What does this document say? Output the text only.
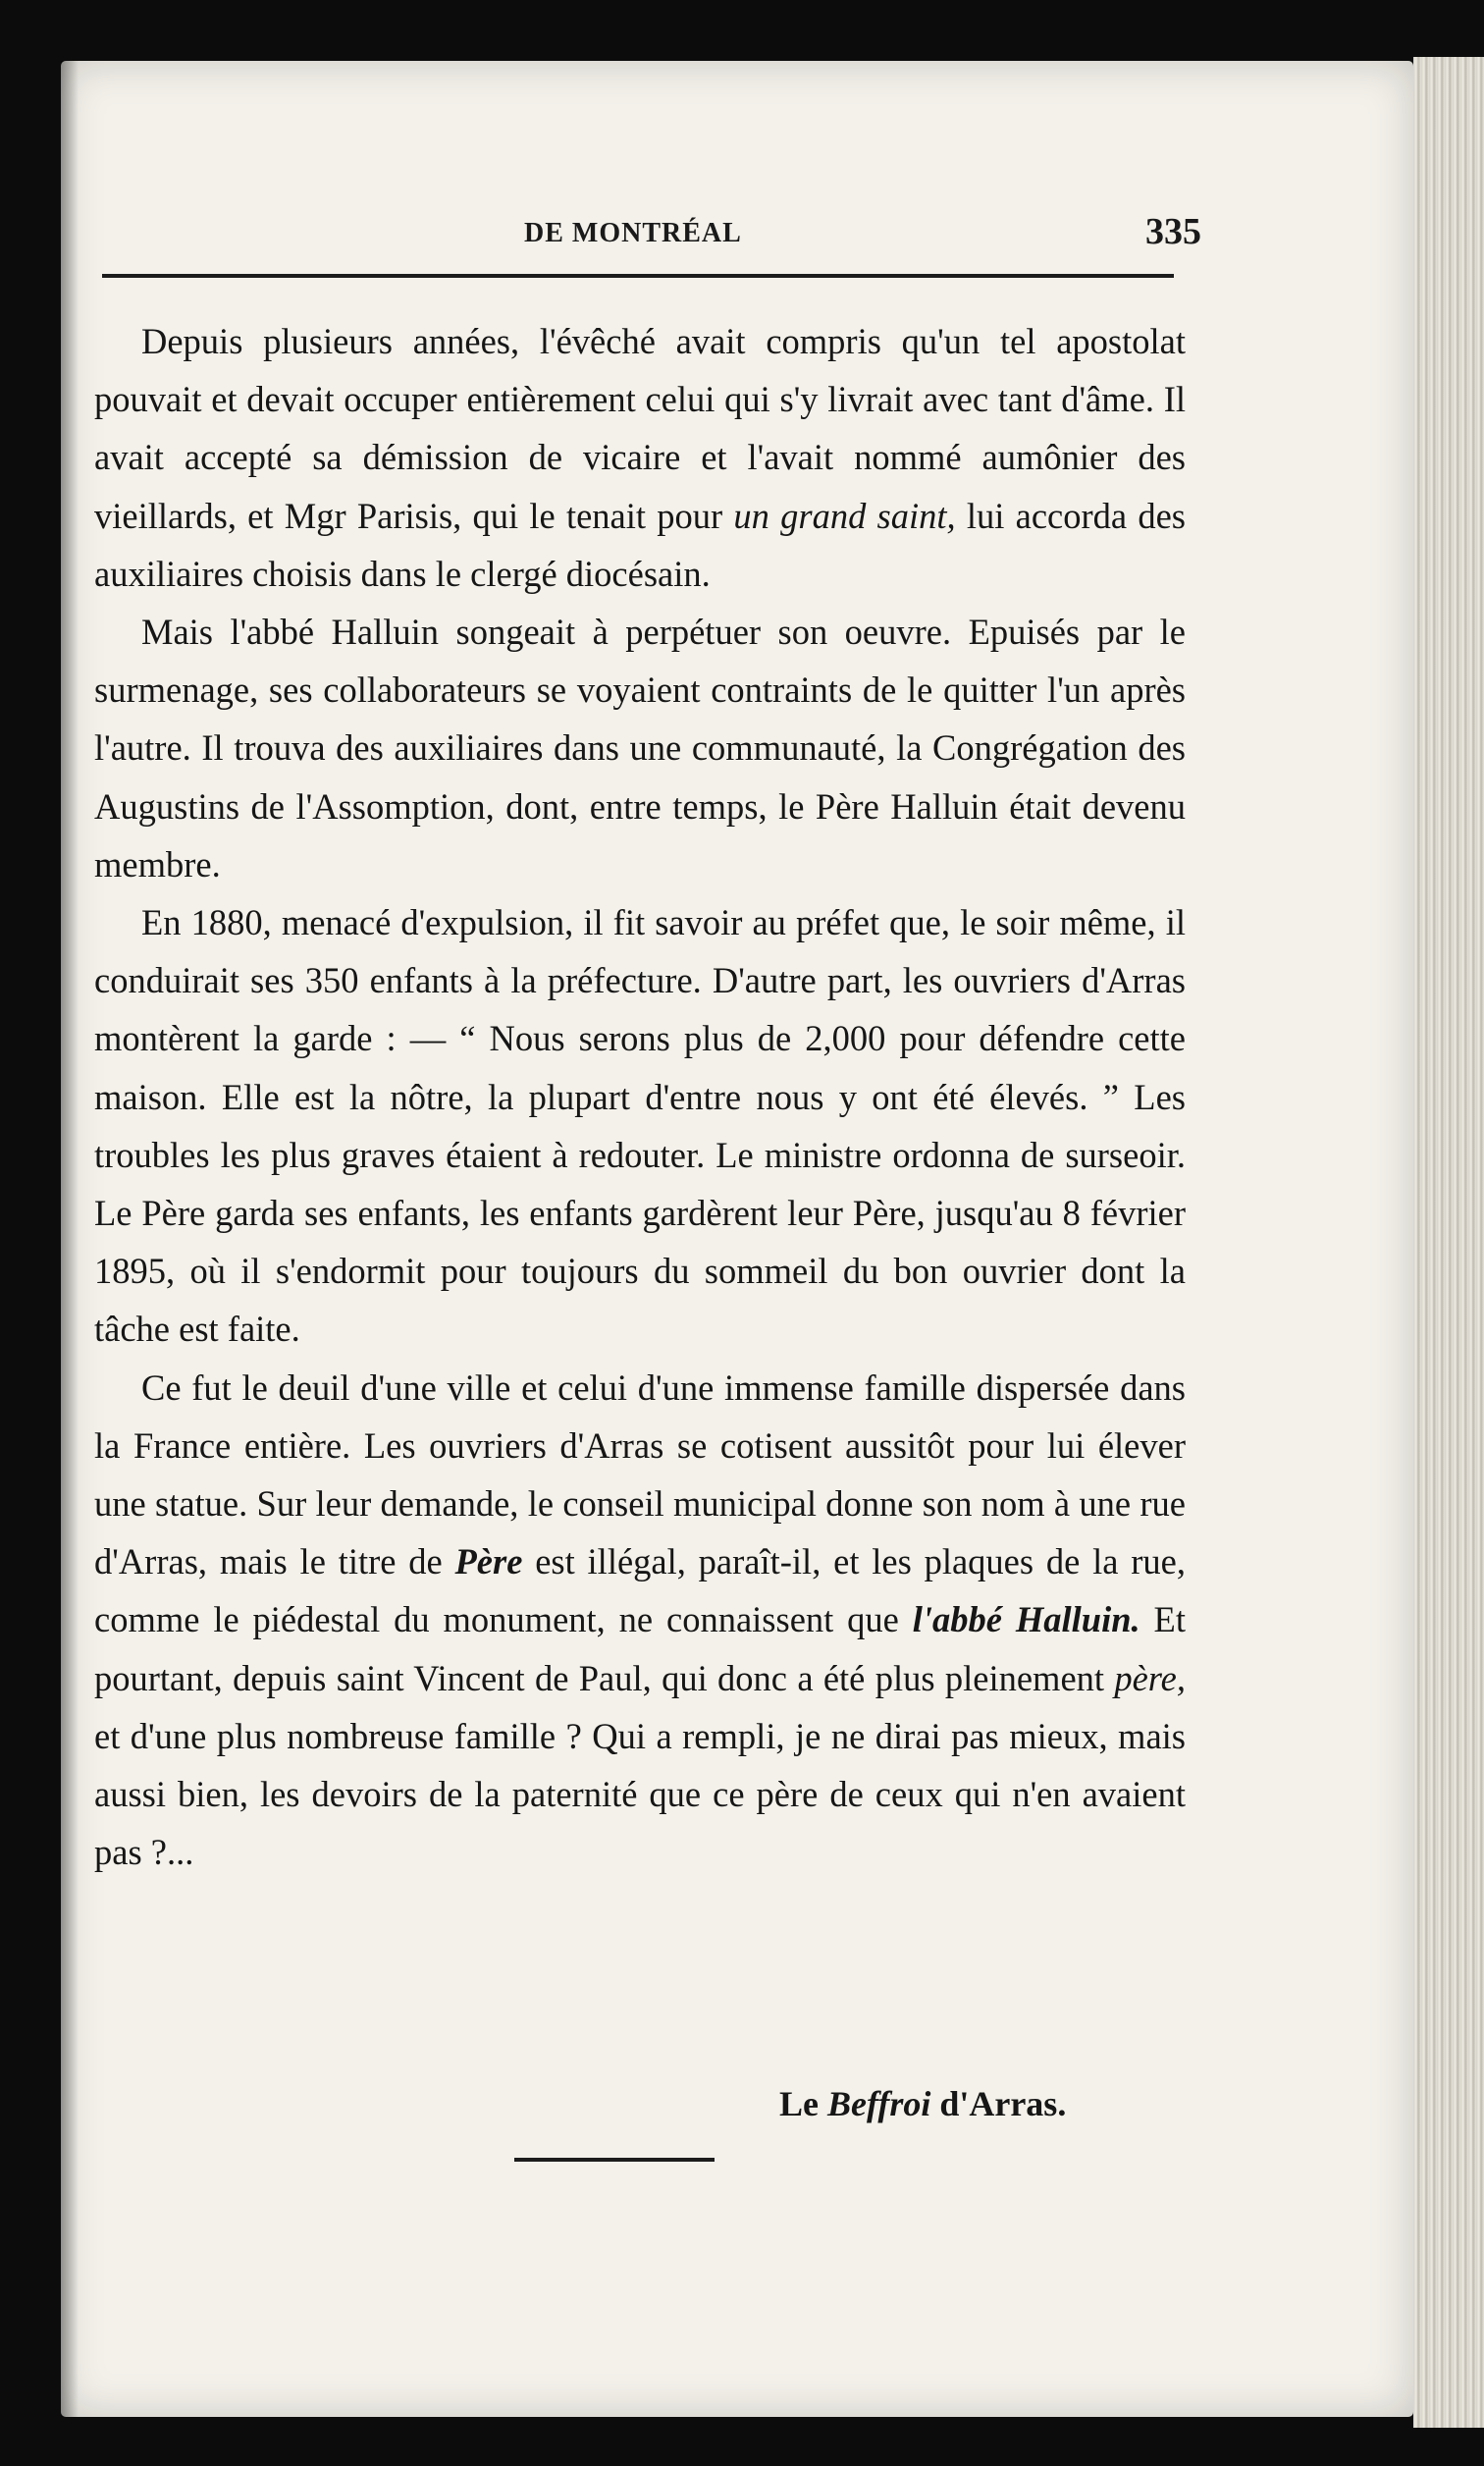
DE MONTRÉAL	335

Depuis plusieurs années, l'évêché avait compris qu'un tel apostolat pouvait et devait occuper entièrement celui qui s'y livrait avec tant d'âme. Il avait accepté sa démission de vicaire et l'avait nommé aumônier des vieillards, et Mgr Parisis, qui le tenait pour un grand saint, lui accorda des auxiliaires choisis dans le clergé diocésain.

Mais l'abbé Halluin songeait à perpétuer son oeuvre. Epuisés par le surmenage, ses collaborateurs se voyaient contraints de le quitter l'un après l'autre. Il trouva des auxiliaires dans une communauté, la Congrégation des Augustins de l'Assomption, dont, entre temps, le Père Halluin était devenu membre.

En 1880, menacé d'expulsion, il fit savoir au préfet que, le soir même, il conduirait ses 350 enfants à la préfecture. D'autre part, les ouvriers d'Arras montèrent la garde : — “ Nous serons plus de 2,000 pour défendre cette maison. Elle est la nôtre, la plupart d'entre nous y ont été élevés. ” Les troubles les plus graves étaient à redouter. Le ministre ordonna de surseoir. Le Père garda ses enfants, les enfants gardèrent leur Père, jusqu'au 8 février 1895, où il s'endormit pour toujours du sommeil du bon ouvrier dont la tâche est faite.

Ce fut le deuil d'une ville et celui d'une immense famille dispersée dans la France entière. Les ouvriers d'Arras se cotisent aussitôt pour lui élever une statue. Sur leur demande, le conseil municipal donne son nom à une rue d'Arras, mais le titre de Père est illégal, paraît-il, et les plaques de la rue, comme le piédestal du monument, ne connaissent que l'abbé Halluin. Et pourtant, depuis saint Vincent de Paul, qui donc a été plus pleinement père, et d'une plus nombreuse famille ? Qui a rempli, je ne dirai pas mieux, mais aussi bien, les devoirs de la paternité que ce père de ceux qui n'en avaient pas ?...

Le Beffroi d'Arras.
